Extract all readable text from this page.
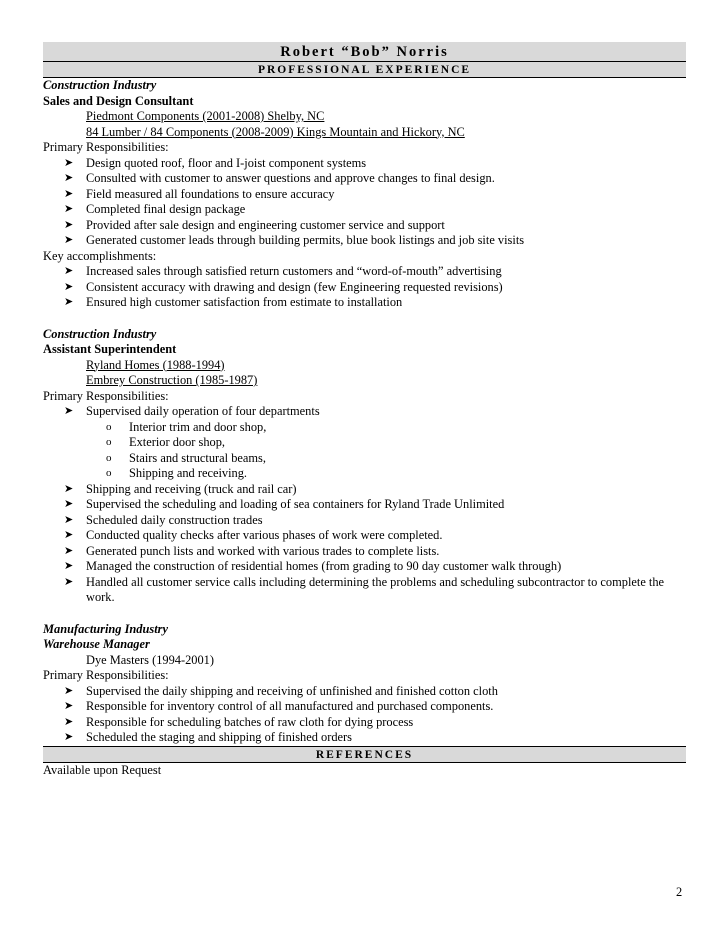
Robert “Bob” Norris
PROFESSIONAL EXPERIENCE
Construction Industry
Sales and Design Consultant
Piedmont Components (2001-2008) Shelby, NC
84 Lumber / 84 Components (2008-2009) Kings Mountain and Hickory, NC
Primary Responsibilities:
➤ Design quoted roof, floor and I-joist component systems
➤ Consulted with customer to answer questions and approve changes to final design.
➤ Field measured all foundations to ensure accuracy
➤ Completed final design package
➤ Provided after sale design and engineering customer service and support
➤ Generated customer leads through building permits, blue book listings and job site visits
Key accomplishments:
➤ Increased sales through satisfied return customers and “word-of-mouth” advertising
➤ Consistent accuracy with drawing and design (few Engineering requested revisions)
➤ Ensured high customer satisfaction from estimate to installation
Construction Industry
Assistant Superintendent
Ryland Homes (1988-1994)
Embrey Construction (1985-1987)
Primary Responsibilities:
➤ Supervised daily operation of four departments
o Interior trim and door shop,
o Exterior door shop,
o Stairs and structural beams,
o Shipping and receiving.
➤ Shipping and receiving (truck and rail car)
➤ Supervised the scheduling and loading of sea containers for Ryland Trade Unlimited
➤ Scheduled daily construction trades
➤ Conducted quality checks after various phases of work were completed.
➤ Generated punch lists and worked with various trades to complete lists.
➤ Managed the construction of residential homes (from grading to 90 day customer walk through)
➤ Handled all customer service calls including determining the problems and scheduling subcontractor to complete the work.
Manufacturing Industry
Warehouse Manager
Dye Masters (1994-2001)
Primary Responsibilities:
➤ Supervised the daily shipping and receiving of unfinished and finished cotton cloth
➤ Responsible for inventory control of all manufactured and purchased components.
➤ Responsible for scheduling batches of raw cloth for dying process
➤ Scheduled the staging and shipping of finished orders
REFERENCES
Available upon Request
2
